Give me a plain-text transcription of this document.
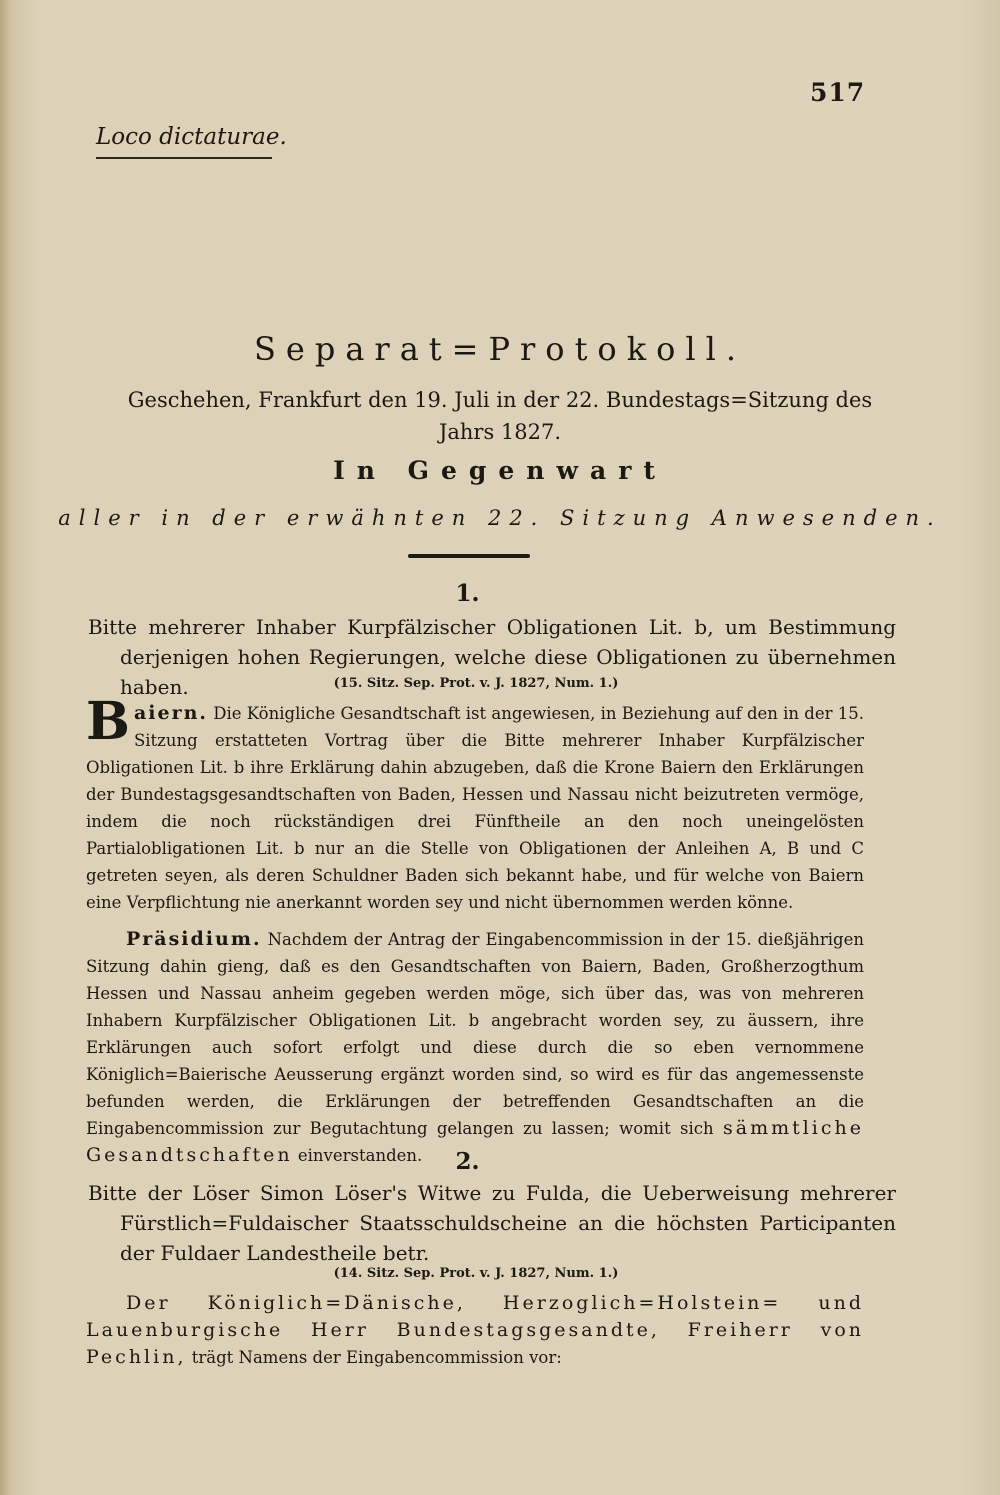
517
Loco dictaturae.
Separat=Protokoll.
Geschehen, Frankfurt den 19. Juli in der 22. Bundestags=Sitzung des Jahrs 1827.
In Gegenwart
aller in der erwähnten 22. Sitzung Anwesenden.
1.
Bitte mehrerer Inhaber Kurpfälzischer Obligationen Lit. b, um Bestimmung derjenigen hohen Regierungen, welche diese Obligationen zu übernehmen haben.	(15. Sitz. Sep. Prot. v. J. 1827, Num. 1.)
Baiern. Die Königliche Gesandtschaft ist angewiesen, in Beziehung auf den in der 15. Sitzung erstatteten Vortrag über die Bitte mehrerer Inhaber Kurpfälzischer Obligationen Lit. b ihre Erklärung dahin abzugeben, daß die Krone Baiern den Erklärungen der Bundestagsgesandtschaften von Baden, Hessen und Nassau nicht beizutreten vermöge, indem die noch rückständigen drei Fünftheile an den noch uneingelösten Partialobligationen Lit. b nur an die Stelle von Obligationen der Anleihen A, B und C getreten seyen, als deren Schuldner Baden sich bekannt habe, und für welche von Baiern eine Verpflichtung nie anerkannt worden sey und nicht übernommen werden könne.
Präsidium. Nachdem der Antrag der Eingabencommission in der 15. dießjährigen Sitzung dahin gieng, daß es den Gesandtschaften von Baiern, Baden, Großherzogthum Hessen und Nassau anheim gegeben werden möge, sich über das, was von mehreren Inhabern Kurpfälzischer Obligationen Lit. b angebracht worden sey, zu äussern, ihre Erklärungen auch sofort erfolgt und diese durch die so eben vernommene Königlich=Baierische Aeusserung ergänzt worden sind, so wird es für das angemessenste befunden werden, die Erklärungen der betreffenden Gesandtschaften an die Eingabencommission zur Begutachtung gelangen zu lassen; womit sich sämmtliche Gesandtschaften einverstanden.	2.
Bitte der Löser Simon Löser's Witwe zu Fulda, die Ueberweisung mehrerer Fürstlich=Fuldaischer Staatsschuldscheine an die höchsten Participanten der Fuldaer Landestheile betr.
(14. Sitz. Sep. Prot. v. J. 1827, Num. 1.)
Der Königlich=Dänische, Herzoglich=Holstein= und Lauenburgische Herr Bundestagsgesandte, Freiherr von Pechlin, trägt Namens der Eingabencommission vor:
